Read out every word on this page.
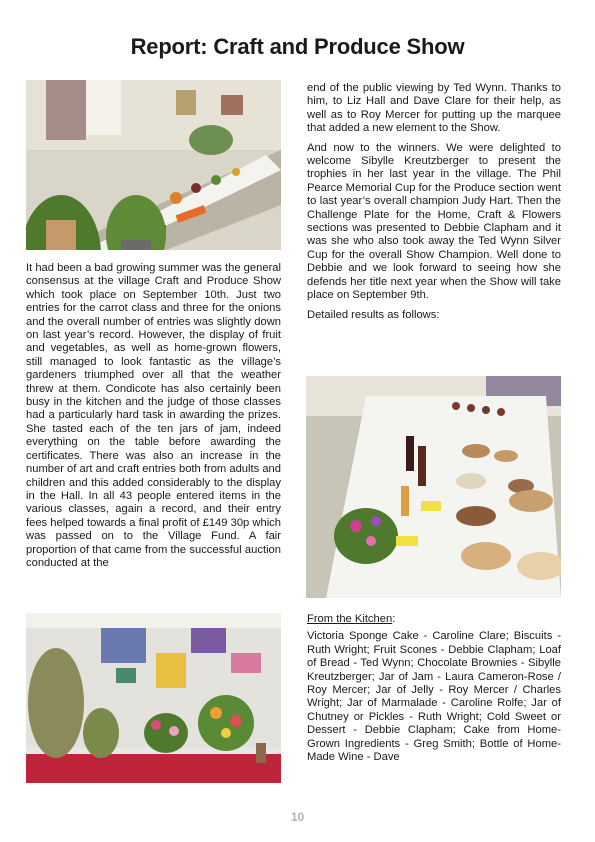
Report: Craft and Produce Show

It had been a bad growing summer was the general consensus at the village Craft and Produce Show which took place on September 10th. Just two entries for the carrot class and three for the onions and the overall number of entries was slightly down on last year’s record. However, the display of fruit and vegetables, as well as home-grown flowers, still managed to look fantastic as the village’s gardeners triumphed over all that the weather threw at them. Condicote has also certainly been busy in the kitchen and the judge of those classes had a particularly hard task in awarding the prizes. She tasted each of the ten jars of jam, indeed everything on the table before awarding the certificates. There was also an increase in the number of art and craft entries both from adults and children and this added considerably to the display in the Hall. In all 43 people entered items in the various classes, again a record, and their entry fees helped towards a final profit of £149 30p which was passed on to the Village Fund. A fair proportion of that came from the successful auction conducted at the

end of the public viewing by Ted Wynn. Thanks to him, to Liz Hall and Dave Clare for their help, as well as to Roy Mercer for putting up the marquee that added a new element to the Show.

And now to the winners. We were delighted to welcome Sibylle Kreutzberger to present the trophies in her last year in the village. The Phil Pearce Memorial Cup for the Produce section went to last year’s overall champion Judy Hart. Then the Challenge Plate for the Home, Craft & Flowers sections was presented to Debbie Clapham and it was she who also took away the Ted Wynn Silver Cup for the overall Show Champion. Well done to Debbie and we look forward to seeing how she defends her title next year when the Show will take place on September 9th.

Detailed results as follows:

From the Kitchen:

Victoria Sponge Cake - Caroline Clare; Biscuits - Ruth Wright; Fruit Scones - Debbie Clapham; Loaf of Bread - Ted Wynn; Chocolate Brownies - Sibylle Kreutzberger; Jar of Jam - Laura Cameron-Rose / Roy Mercer; Jar of Jelly - Roy Mercer / Charles Wright; Jar of Marmalade - Caroline Rolfe; Jar of Chutney or Pickles - Ruth Wright; Cold Sweet or Dessert - Debbie Clapham; Cake from Home-Grown Ingredients - Greg Smith; Bottle of Home-Made Wine - Dave

10
